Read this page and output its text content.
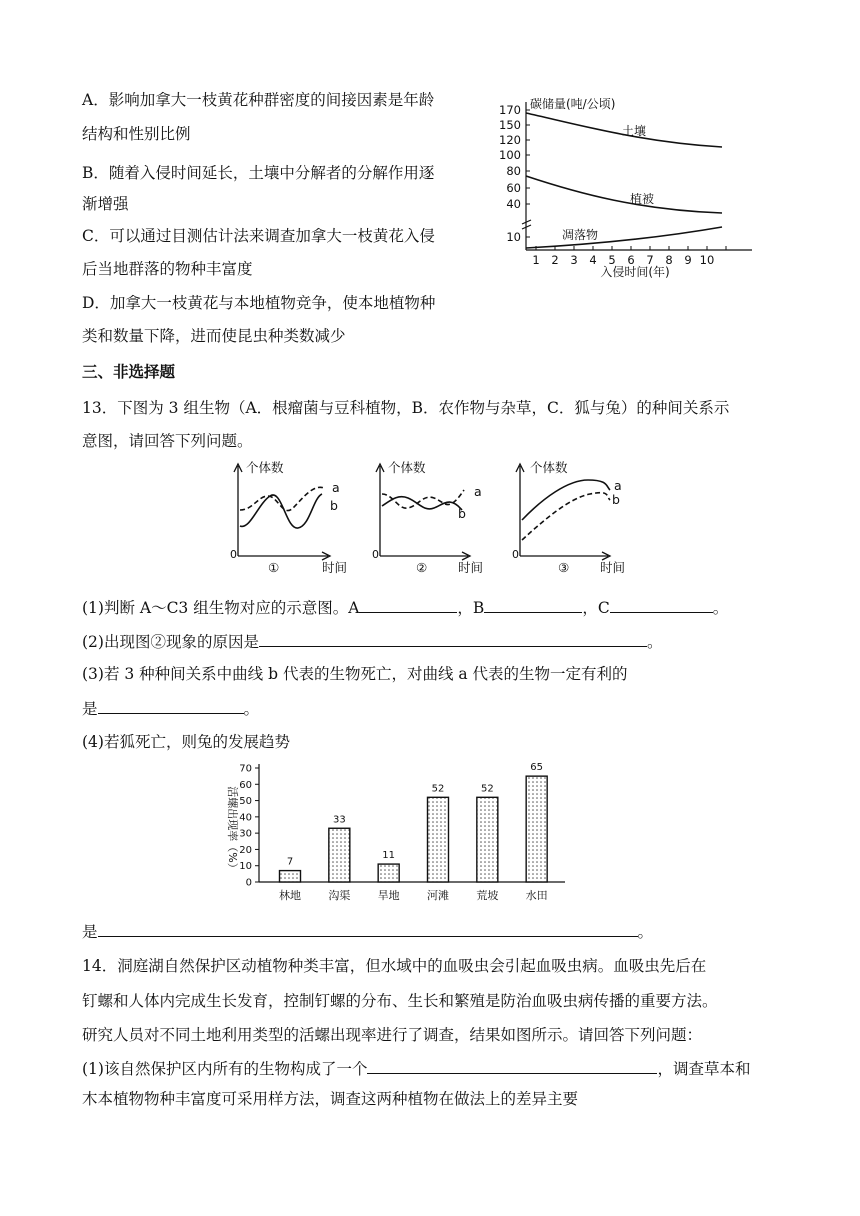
A．影响加拿大一枝黄花种群密度的间接因素是年龄
结构和性别比例
B．随着入侵时间延长，土壤中分解者的分解作用逐
渐增强
C．可以通过目测估计法来调查加拿大一枝黄花入侵
后当地群落的物种丰富度
D．加拿大一枝黄花与本地植物竞争，使本地植物种
类和数量下降，进而使昆虫种类数减少
170
150
120
100
80
60
40
10
1 2 3 4 5 6 7 8 9 10
碳储量(吨/公顷)
入侵时间(年)
土壤
植被
凋落物
三、非选择题
13．下图为 3 组生物（A．根瘤菌与豆科植物，B．农作物与杂草，C．狐与兔）的种间关系示
意图，请回答下列问题。
个体数
0
a
b
①	时间
个体数
0
a
b
② 时间
个体数
0
a
b
③ 时间
(1)判断 A～C3 组生物对应的示意图。A	，B	，C	。
(2)出现图②现象的原因是	。
(3)若 3 种种间关系中曲线 b 代表的生物死亡，对曲线 a 代表的生物一定有利的
是	。
(4)若狐死亡，则兔的发展趋势
0
10
20
30
40
50
60
70
7
林地
33
沟渠
11
旱地
52
河滩
52
荒坡
65
水田
活螺出现率（%）
是	。
14．洞庭湖自然保护区动植物种类丰富，但水域中的血吸虫会引起血吸虫病。血吸虫先后在
钉螺和人体内完成生长发育，控制钉螺的分布、生长和繁殖是防治血吸虫病传播的重要方法。
研究人员对不同土地利用类型的活螺出现率进行了调查，结果如图所示。请回答下列问题：
(1)该自然保护区内所有的生物构成了一个	，调查草本和
木本植物物种丰富度可采用样方法，调查这两种植物在做法上的差异主要
